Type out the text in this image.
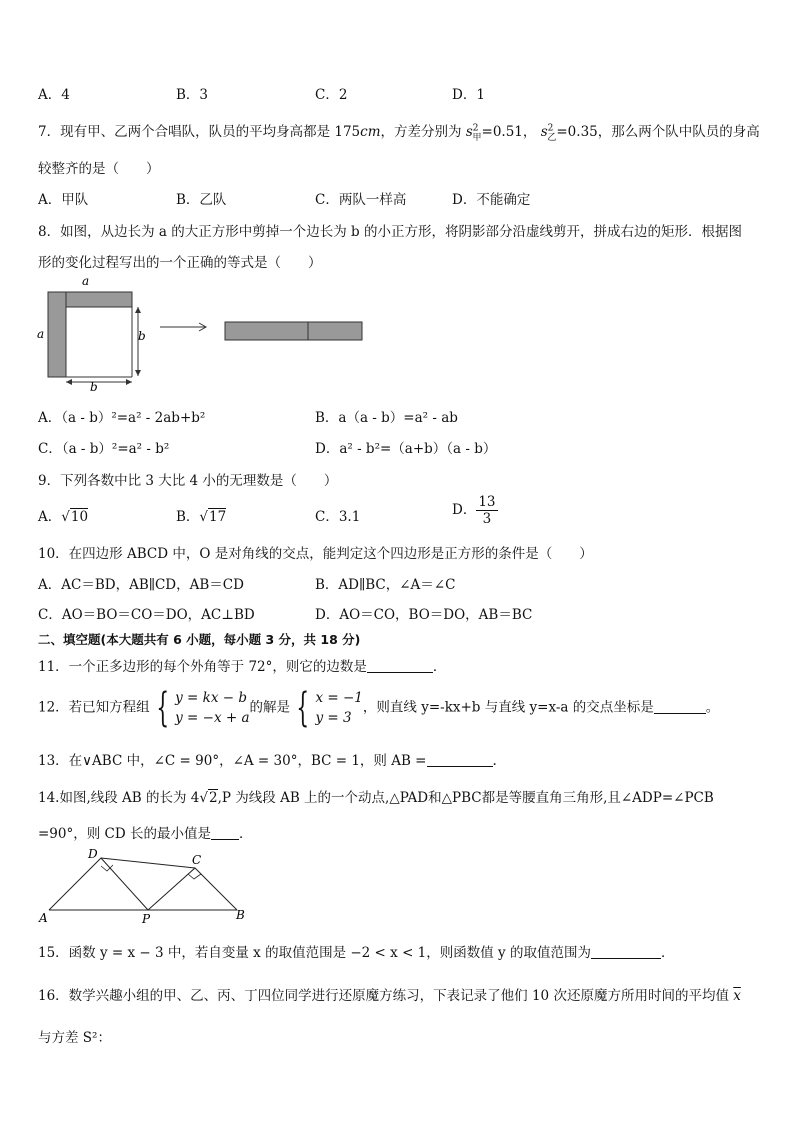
A．4	B．3	C．2	D．1
7．现有甲、乙两个合唱队，队员的平均身高都是 175cm，方差分别为 $s^2_甲=0.51$， $s^2_乙=0.35$，那么两个队中队员的身高
较整齐的是（　　）
A．甲队	B．乙队	C．两队一样高	D．不能确定
8．如图，从边长为 a 的大正方形中剪掉一个边长为 b 的小正方形，将阴影部分沿虚线剪开，拼成右边的矩形．根据图
形的变化过程写出的一个正确的等式是（　　）
a
a	b
b
A．（a - b）²=a² - 2ab+b²	B．a（a - b）=a² - ab
C．（a - b）²=a² - b²	D．a² - b²=（a+b）（a - b）
9．下列各数中比 3 大比 4 小的无理数是（　　）
A．√10	B．√17	C．3.1	D． $\frac{13}{3}$
10．在四边形 ABCD 中，O 是对角线的交点，能判定这个四边形是正方形的条件是（　　）
A．AC＝BD，AB∥CD，AB＝CD	B．AD∥BC，∠A＝∠C
C．AO＝BO＝CO＝DO，AC⊥BD	D．AO＝CO，BO＝DO，AB＝BC
二、填空题(本大题共有 6 小题，每小题 3 分，共 18 分)
11．一个正多边形的每个外角等于 72°，则它的边数是	．
12．若已知方程组 { y = kx − b
y = −x + a
的解是 { x = −1
y = 3
，则直线 y=-kx+b 与直线 y=x-a 的交点坐标是	。
13．在∨ABC 中，∠C = 90°，∠A = 30°，BC = 1，则 AB =	.
14.如图,线段 AB 的长为 4√2,P 为线段 AB 上的一个动点,△PAD和△PBC都是等腰直角三角形,且∠ADP=∠PCB
=90°，则 CD 长的最小值是 ．
A
D
P
C
B
15．函数 y = x − 3 中，若自变量 x 的取值范围是 −2 < x < 1，则函数值 y 的取值范围为	．
16．数学兴趣小组的甲、乙、丙、丁四位同学进行还原魔方练习，下表记录了他们 10 次还原魔方所用时间的平均值 $\overline{x}$
与方差 S²：
